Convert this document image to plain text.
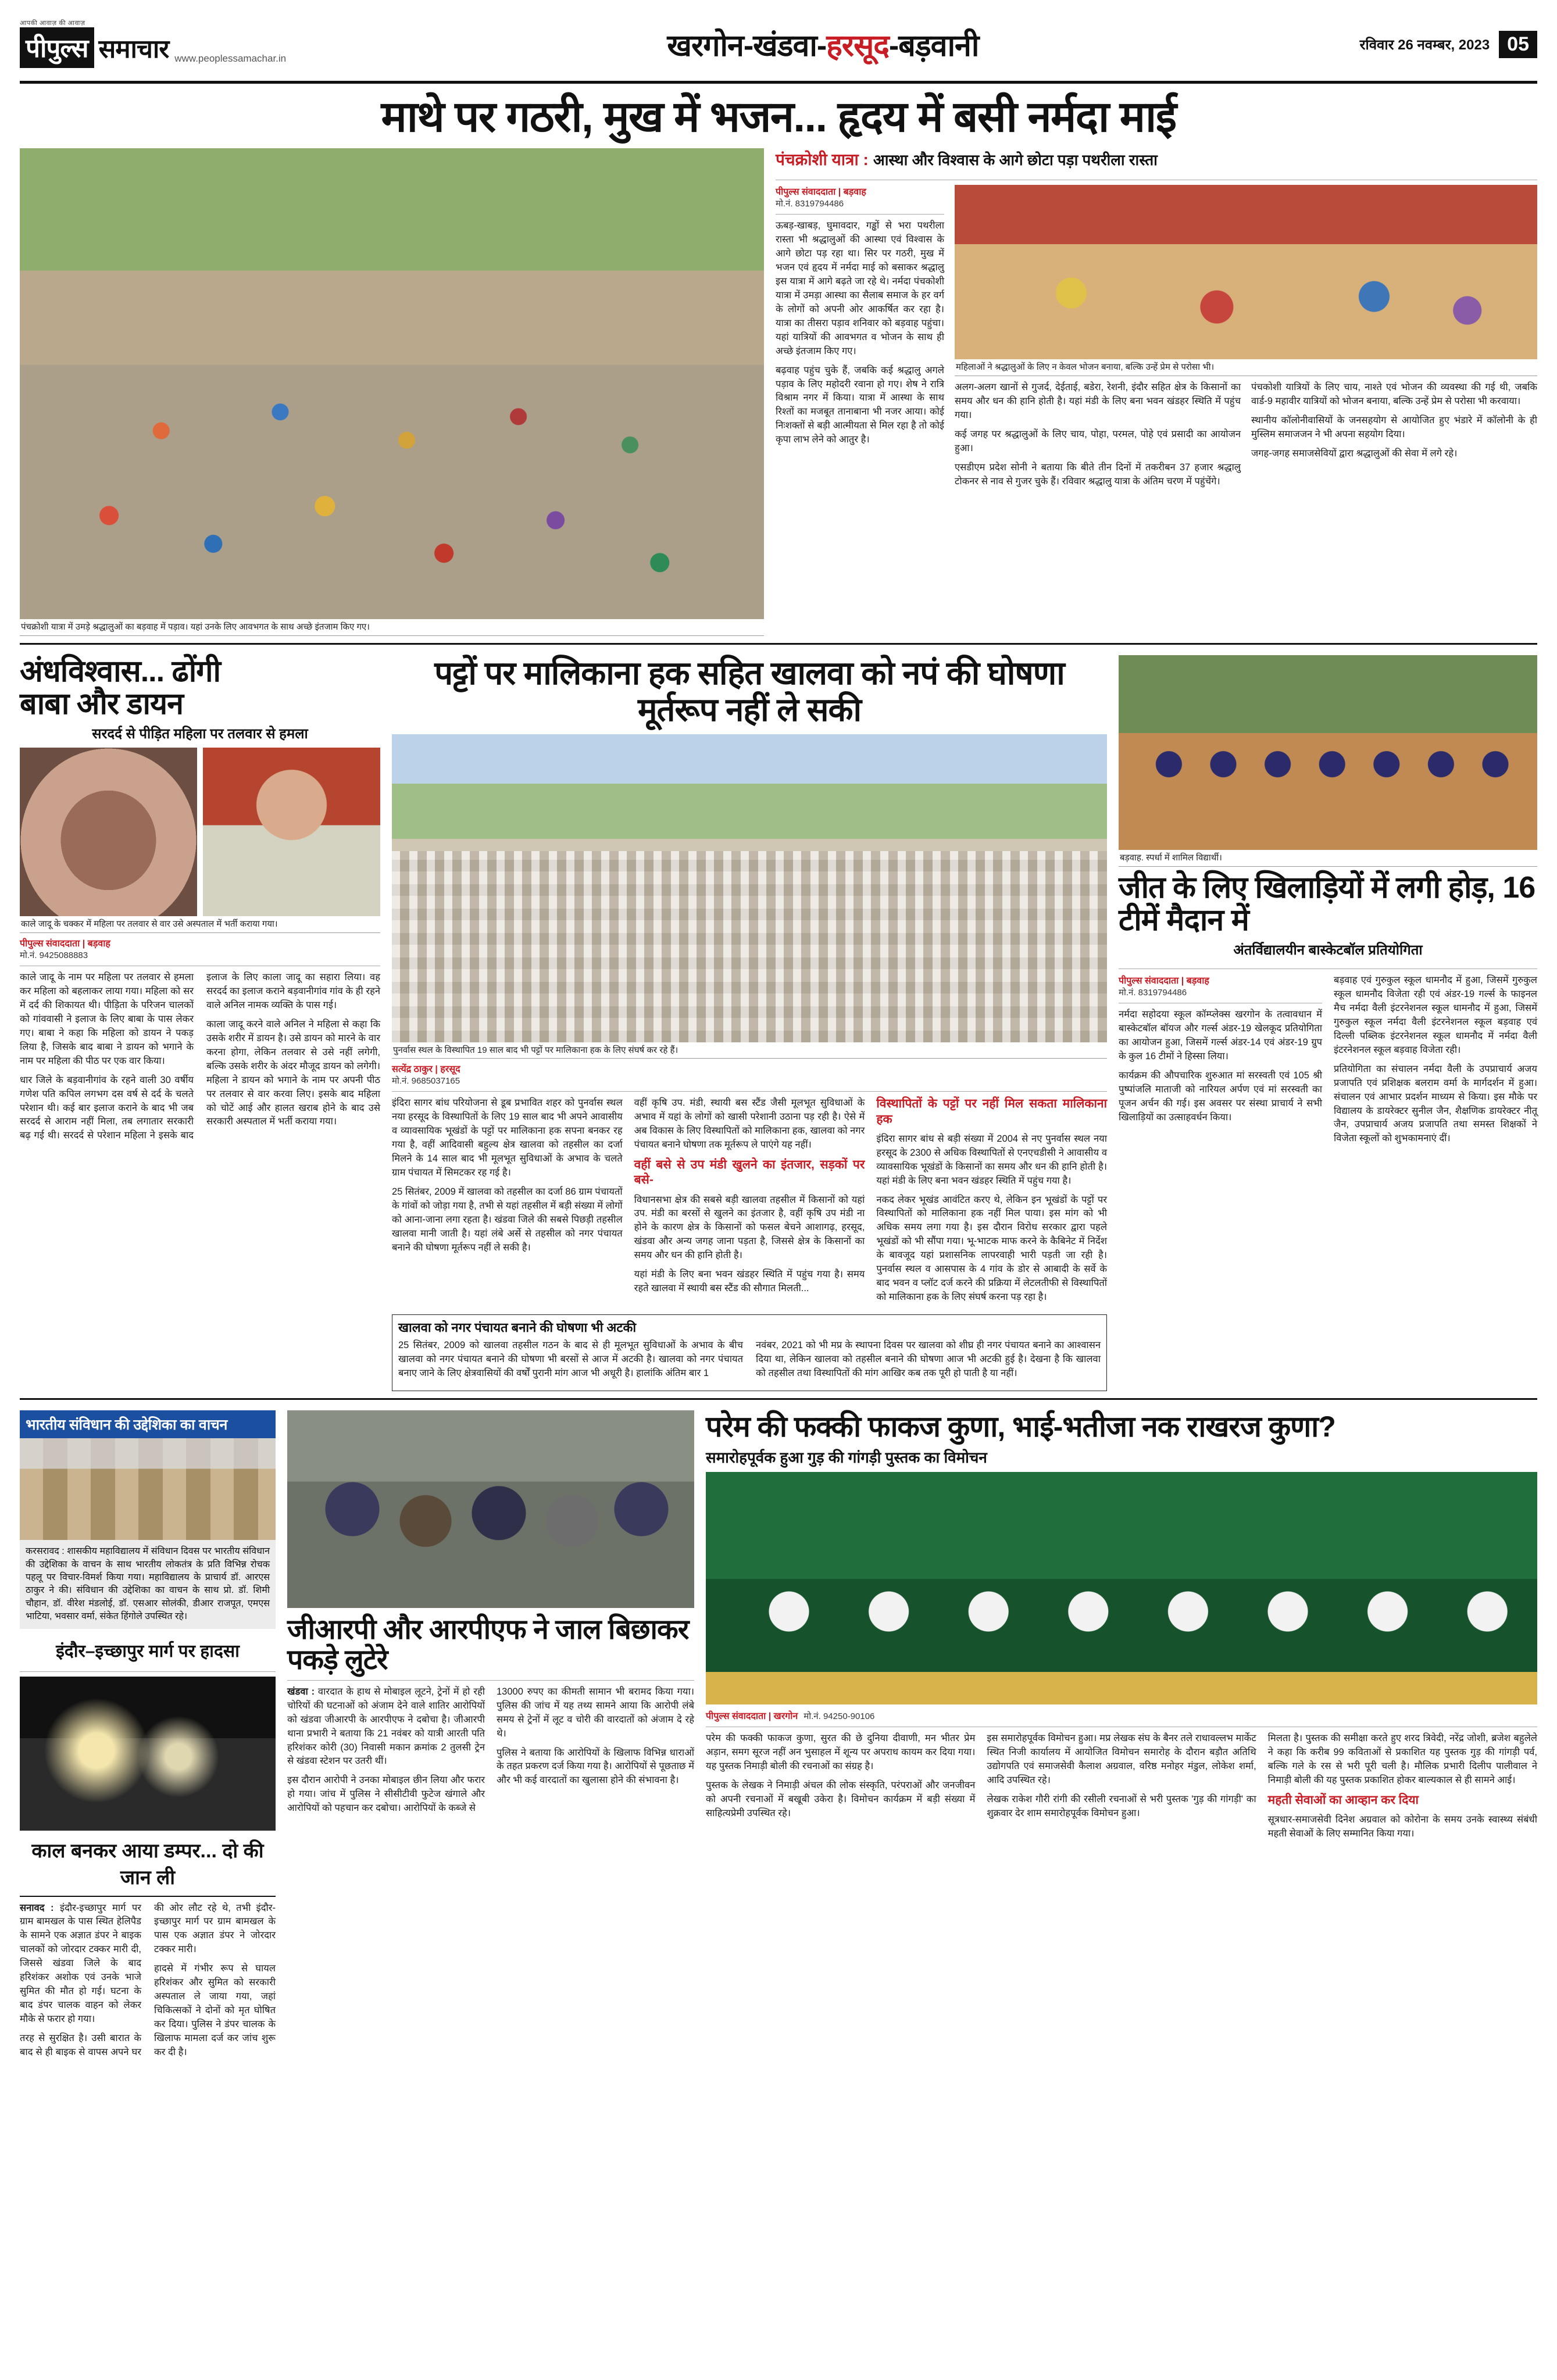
आपकी आवाज़ की आवाज़
पीपुल्स समाचार www.peoplessamachar.in	खरगोन-खंडवा-हरसूद-बड़वानी	रविवार 26 नवम्बर, 2023 05
माथे पर गठरी, मुख में भजन... हृदय में बसी नर्मदा माई
पंचक्रोशी यात्रा में उमड़े श्रद्धालुओं का बड़वाह में पड़ाव। यहां उनके लिए आवभगत के साथ अच्छे इंतजाम किए गए।
पंचक्रोशी यात्रा : आस्था और विश्वास के आगे छोटा पड़ा पथरीला रास्ता
पीपुल्स संवाददाता | बड़वाह
मो.नं. 8319794486

ऊबड़-खाबड़, घुमावदार, गड्ढों से भरा पथरीला रास्ता भी श्रद्धालुओं की आस्था एवं विश्वास के आगे छोटा पड़ रहा था। सिर पर गठरी, मुख में भजन एवं हृदय में नर्मदा माई को बसाकर श्रद्धालु इस यात्रा में आगे बढ़ते जा रहे थे। नर्मदा पंचकोशी यात्रा में उमड़ा आस्था का सैलाब समाज के हर वर्ग के लोगों को अपनी ओर आकर्षित कर रहा है। यात्रा का तीसरा पड़ाव शनिवार को बड़वाह पहुंचा। यहां यात्रियों की आवभगत व भोजन के साथ ही अच्छे इंतजाम किए गए।

बढ़वाह पहुंच चुके हैं, जबकि कई श्रद्धालु अगले पड़ाव के लिए महोदरी रवाना हो गए। शेष ने रात्रि विश्राम नगर में किया। यात्रा में आस्था के साथ रिश्तों का मजबूत तानाबाना भी नजर आया। कोई निःशक्तों से बड़ी आत्मीयता से मिल रहा है तो कोई कृपा लाभ लेने को आतुर है।

महिलाओं ने श्रद्धालुओं के लिए न केवल भोजन बनाया, बल्कि उन्हें प्रेम से परोसा भी।

अलग-अलग खानों से गुजर्द, देईताई, बडेरा, रेशनी, इंदौर सहित क्षेत्र के किसानों का समय और धन की हानि होती है। यहां मंडी के लिए बना भवन खंडहर स्थिति में पहुंच गया।

कई जगह पर श्रद्धालुओं के लिए चाय, पोहा, परमल, पोहे एवं प्रसादी का आयोजन हुआ।

एसडीएम प्रदेश सोनी ने बताया कि बीते तीन दिनों में तकरीबन 37 हजार श्रद्धालु टोकनर से नाव से गुजर चुके हैं। रविवार श्रद्धालु यात्रा के अंतिम चरण में पहुंचेंगे।

पंचकोशी यात्रियों के लिए चाय, नाश्ते एवं भोजन की व्यवस्था की गई थी, जबकि वार्ड-9 महावीर यात्रियों को भोजन बनाया, बल्कि उन्हें प्रेम से परोसा भी करवाया।

स्थानीय कॉलोनीवासियों के जनसहयोग से आयोजित हुए भंडारे में कॉलोनी के ही मुस्लिम समाजजन ने भी अपना सहयोग दिया।

जगह-जगह समाजसेवियों द्वारा श्रद्धालुओं की सेवा में लगे रहे।

अंधविश्वास... ढोंगी
बाबा और डायन
सरदर्द से पीड़ित महिला पर तलवार से हमला
काले जादू के चक्कर में महिला पर तलवार से वार उसे अस्पताल में भर्ती कराया गया।
पीपुल्स संवाददाता | बड़वाह
मो.नं. 9425088883

काले जादू के नाम पर महिला पर तलवार से हमला कर महिला को बहलाकर लाया गया। महिला को सर में दर्द की शिकायत थी। पीड़िता के परिजन चालकों को गांववासी ने इलाज के लिए बाबा के पास लेकर गए। बाबा ने कहा कि महिला को डायन ने पकड़ लिया है, जिसके बाद बाबा ने डायन को भगाने के नाम पर महिला की पीठ पर एक वार किया।

धार जिले के बड़वानीगांव के रहने वाली 30 वर्षीय गणेश पति कपिल लगभग दस वर्ष से दर्द के चलते परेशान थी। कई बार इलाज कराने के बाद भी जब सरदर्द से आराम नहीं मिला, तब लगातार सरकारी बढ़ गई थी। सरदर्द से परेशान महिला ने इसके बाद इलाज के लिए काला जादू का सहारा लिया। वह सरदर्द का इलाज कराने बड़वानीगांव गांव के ही रहने वाले अनिल नामक व्यक्ति के पास गई।

काला जादू करने वाले अनिल ने महिला से कहा कि उसके शरीर में डायन है। उसे डायन को मारने के वार करना होगा, लेकिन तलवार से उसे नहीं लगेगी, बल्कि उसके शरीर के अंदर मौजूद डायन को लगेगी। महिला ने डायन को भगाने के नाम पर अपनी पीठ पर तलवार से वार करवा लिए। इसके बाद महिला को चोटें आई और हालत खराब होने के बाद उसे सरकारी अस्पताल में भर्ती कराया गया।

पट्टों पर मालिकाना हक सहित खालवा को नपं की घोषणा मूर्तरूप नहीं ले सकी
पुनर्वास स्थल के विस्थापित 19 साल बाद भी पट्टों पर मालिकाना हक के लिए संघर्ष कर रहे हैं।
सत्येंद्र ठाकुर | हरसूद
मो.नं. 9685037165

इंदिरा सागर बांध परियोजना से डूब प्रभावित शहर को पुनर्वास स्थल नया हरसूद के विस्थापितों के लिए 19 साल बाद भी अपने आवासीय व व्यावसायिक भूखंडों के पट्टों पर मालिकाना हक सपना बनकर रह गया है, वहीं आदिवासी बहुल्य क्षेत्र खालवा को तहसील का दर्जा मिलने के 14 साल बाद भी मूलभूत सुविधाओं के अभाव के चलते ग्राम पंचायत में सिमटकर रह गई है।

25 सितंबर, 2009 में खालवा को तहसील का दर्जा 86 ग्राम पंचायतों के गांवों को जोड़ा गया है, तभी से यहां तहसील में बड़ी संख्या में लोगों को आना-जाना लगा रहता है। खंडवा जिले की सबसे पिछड़ी तहसील खालवा मानी जाती है। यहां लंबे अर्से से तहसील को नगर पंचायत बनाने की घोषणा मूर्तरूप नहीं ले सकी है।

वहीं कृषि उप. मंडी, स्थायी बस स्टैंड जैसी मूलभूत सुविधाओं के अभाव में यहां के लोगों को खासी परेशानी उठाना पड़ रही है। ऐसे में अब विकास के लिए विस्थापितों को मालिकाना हक, खालवा को नगर पंचायत बनाने घोषणा तक मूर्तरूप ले पाएंगे यह नहीं।

वहीं बसे से उप मंडी खुलने का इंतजार, सड़कों पर बसे-

विधानसभा क्षेत्र की सबसे बड़ी खालवा तहसील में किसानों को यहां उप. मंडी का बरसों से खुलने का इंतजार है, वहीं कृषि उप मंडी ना होने के कारण क्षेत्र के किसानों को फसल बेचने आशागढ़, हरसूद, खंडवा और अन्य जगह जाना पड़ता है, जिससे क्षेत्र के किसानों का समय और धन की हानि होती है।

यहां मंडी के लिए बना भवन खंडहर स्थिति में पहुंच गया है। समय रहते खालवा में स्थायी बस स्टैंड की सौगात मिलती...

विस्थापितों के पट्टों पर नहीं मिल सकता मालिकाना हक

इंदिरा सागर बांध से बड़ी संख्या में 2004 से नए पुनर्वास स्थल नया हरसूद के 2300 से अधिक विस्थापितों से एनएचडीसी ने आवासीय व व्यावसायिक भूखंडों के किसानों का समय और धन की हानि होती है। यहां मंडी के लिए बना भवन खंडहर स्थिति में पहुंच गया है।

नकद लेकर भूखंड आवंटित करए थे, लेकिन इन भूखंडों के पट्टों पर विस्थापितों को मालिकाना हक नहीं मिल पाया। इस मांग को भी अधिक समय लगा गया है। इस दौरान विरोध सरकार द्वारा पहले भूखंडों को भी सौंपा गया। भू-भाटक माफ करने के कैबिनेट में निर्देश के बावजूद यहां प्रशासनिक लापरवाही भारी पड़ती जा रही है। पुनर्वास स्थल व आसपास के 4 गांव के डोर से आबादी के सर्वे के बाद भवन व प्लॉट दर्ज करने की प्रक्रिया में लेटलतीफी से विस्थापितों को मालिकाना हक के लिए संघर्ष करना पड़ रहा है।

खालवा को नगर पंचायत बनाने की घोषणा भी अटकी

25 सितंबर, 2009 को खालवा तहसील गठन के बाद से ही मूलभूत सुविधाओं के अभाव के बीच खालवा को नगर पंचायत बनाने की घोषणा भी बरसों से आज में अटकी है। खालवा को नगर पंचायत बनाए जाने के लिए क्षेत्रवासियों की वर्षों पुरानी मांग आज भी अधूरी है। हालांकि अंतिम बार 1

नवंबर, 2021 को भी मप्र के स्थापना दिवस पर खालवा को शीघ्र ही नगर पंचायत बनाने का आश्वासन दिया था, लेकिन खालवा को तहसील बनाने की घोषणा आज भी अटकी हुई है। देखना है कि खालवा को तहसील तथा विस्थापितों की मांग आखिर कब तक पूरी हो पाती है या नहीं।

बड़वाह. स्पर्धा में शामिल विद्यार्थी।
जीत के लिए खिलाड़ियों में लगी होड़, 16 टीमें मैदान में
अंतर्विद्यालयीन बास्केटबॉल प्रतियोगिता
पीपुल्स संवाददाता | बड़वाह
मो.नं. 8319794486

नर्मदा सहोदया स्कूल कॉम्प्लेक्स खरगोन के तत्वावधान में बास्केटबॉल बॉयज और गर्ल्स अंडर-19 खेलकूद प्रतियोगिता का आयोजन हुआ, जिसमें गर्ल्स अंडर-14 एवं अंडर-19 ग्रुप के कुल 16 टीमों ने हिस्सा लिया।

कार्यक्रम की औपचारिक शुरुआत मां सरस्वती एवं 105 श्री पुष्पांजलि माताजी को नारियल अर्पण एवं मां सरस्वती का पूजन अर्चन की गई। इस अवसर पर संस्था प्राचार्य ने सभी खिलाड़ियों का उत्साहवर्धन किया।

बड़वाह एवं गुरुकुल स्कूल धामनौद में हुआ, जिसमें गुरुकुल स्कूल धामनौद विजेता रही एवं अंडर-19 गर्ल्स के फाइनल मैच नर्मदा वैली इंटरनेशनल स्कूल धामनौद में हुआ, जिसमें गुरुकुल स्कूल नर्मदा वैली इंटरनेशनल स्कूल बड़वाह एवं दिल्ली पब्लिक इंटरनेशनल स्कूल धामनौद में नर्मदा वैली इंटरनेशनल स्कूल बड़वाह विजेता रही।

प्रतियोगिता का संचालन नर्मदा वैली के उपप्राचार्य अजय प्रजापति एवं प्रशिक्षक बलराम वर्मा के मार्गदर्शन में हुआ। संचालन एवं आभार प्रदर्शन माध्यम से किया। इस मौके पर विद्यालय के डायरेक्टर सुनील जैन, शैक्षणिक डायरेक्टर नीतू जैन, उपप्राचार्य अजय प्रजापति तथा समस्त शिक्षकों ने विजेता स्कूलों को शुभकामनाएं दीं।

भारतीय संविधान की उद्देशिका का वाचन
करसरावद : शासकीय महाविद्यालय में संविधान दिवस पर भारतीय संविधान की उद्देशिका के वाचन के साथ भारतीय लोकतंत्र के प्रति विभिन्न रोचक पहलू पर विचार-विमर्श किया गया। महाविद्यालय के प्राचार्य डॉ. आरएस ठाकुर ने की। संविधान की उद्देशिका का वाचन के साथ प्रो. डॉ. शिमी चौहान, डॉ. वीरेश मंडलोई, डॉ. एसआर सोलंकी, डीआर राजपूत, एमएस भाटिया, भवसार वर्मा, संकेत हिंगोले उपस्थित रहे।
इंदौर–इच्छापुर मार्ग पर हादसा
काल बनकर आया डम्पर... दो की जान ली

सनावद : इंदौर-इच्छापुर मार्ग पर ग्राम बामखल के पास स्थित हेलिपैड के सामने एक अज्ञात डंपर ने बाइक चालकों को जोरदार टक्कर मारी दी, जिससे खंडवा जिले के बाद हरिशंकर अशोक एवं उनके भाजे सुमित की मौत हो गई। घटना के बाद डंपर चालक वाहन को लेकर मौके से फरार हो गया।

तरह से सुरक्षित है। उसी बारात के बाद से ही बाइक से वापस अपने घर की ओर लौट रहे थे, तभी इंदौर-इच्छापुर मार्ग पर ग्राम बामखल के पास एक अज्ञात डंपर ने जोरदार टक्कर मारी।

हादसे में गंभीर रूप से घायल हरिशंकर और सुमित को सरकारी अस्पताल ले जाया गया, जहां चिकित्सकों ने दोनों को मृत घोषित कर दिया। पुलिस ने डंपर चालक के खिलाफ मामला दर्ज कर जांच शुरू कर दी है।

जीआरपी और आरपीएफ ने जाल बिछाकर पकड़े लुटेरे

खंडवा : वारदात के हाथ से मोबाइल लूटने, ट्रेनों में हो रही चोरियों की घटनाओं को अंजाम देने वाले शातिर आरोपियों को खंडवा जीआरपी के आरपीएफ ने दबोचा है। जीआरपी थाना प्रभारी ने बताया कि 21 नवंबर को यात्री आरती पति हरिशंकर कोरी (30) निवासी मकान क्रमांक 2 तुलसी ट्रेन से खंडवा स्टेशन पर उतरी थीं।

इस दौरान आरोपी ने उनका मोबाइल छीन लिया और फरार हो गया। जांच में पुलिस ने सीसीटीवी फुटेज खंगाले और आरोपियों को पहचान कर दबोचा। आरोपियों के कब्जे से

13000 रुपए का कीमती सामान भी बरामद किया गया। पुलिस की जांच में यह तथ्य सामने आया कि आरोपी लंबे समय से ट्रेनों में लूट व चोरी की वारदातों को अंजाम दे रहे थे।

पुलिस ने बताया कि आरोपियों के खिलाफ विभिन्न धाराओं के तहत प्रकरण दर्ज किया गया है। आरोपियों से पूछताछ में और भी कई वारदातों का खुलासा होने की संभावना है।

परेम की फक्की फाकज कुणा, भाई-भतीजा नक राखरज कुणा?
समारोहपूर्वक हुआ गुड़ की गांगड़ी पुस्तक का विमोचन
पीपुल्स संवाददाता | खरगोन मो.नं. 94250-90106

परेम की फक्की फाकज कुणा, सुरत की छे दुनिया दीवाणी, मन भीतर प्रेम अड़ान, समग सूरज नहीं अन भुसाहल में शून्य पर अपराध कायम कर दिया गया। यह पुस्तक निमाड़ी बोली की रचनाओं का संग्रह है।

पुस्तक के लेखक ने निमाड़ी अंचल की लोक संस्कृति, परंपराओं और जनजीवन को अपनी रचनाओं में बखूबी उकेरा है। विमोचन कार्यक्रम में बड़ी संख्या में साहित्यप्रेमी उपस्थित रहे।

इस समारोहपूर्वक विमोचन हुआ। मप्र लेखक संघ के बैनर तले राधावल्लभ मार्केट स्थित निजी कार्यालय में आयोजित विमोचन समारोह के दौरान बड़ौत अतिथि उद्योगपति एवं समाजसेवी कैलाश अग्रवाल, वरिष्ठ मनोहर मंडुल, लोकेश शर्मा, आदि उपस्थित रहे।

लेखक राकेश गौरी रांगी की रसीली रचनाओं से भरी पुस्तक 'गुड़ की गांगड़ी' का शुक्रवार देर शाम समारोहपूर्वक विमोचन हुआ।

मिलता है। पुस्तक की समीक्षा करते हुए शरद त्रिवेदी, नरेंद्र जोशी, ब्रजेश बहुलेले ने कहा कि करीब 99 कविताओं से प्रकाशित यह पुस्तक गुड़ की गांगड़ी पर्व, बल्कि गले के रस से भरी पूरी चली है। मौलिक प्रभारी दिलीप पालीवाल ने निमाड़ी बोली की यह पुस्तक प्रकाशित होकर बाल्यकाल से ही सामने आई।

महती सेवाओं का आव्हान कर दिया

सूत्रधार-समाजसेवी दिनेश अग्रवाल को कोरोना के समय उनके स्वास्थ्य संबंधी महती सेवाओं के लिए सम्मानित किया गया।
